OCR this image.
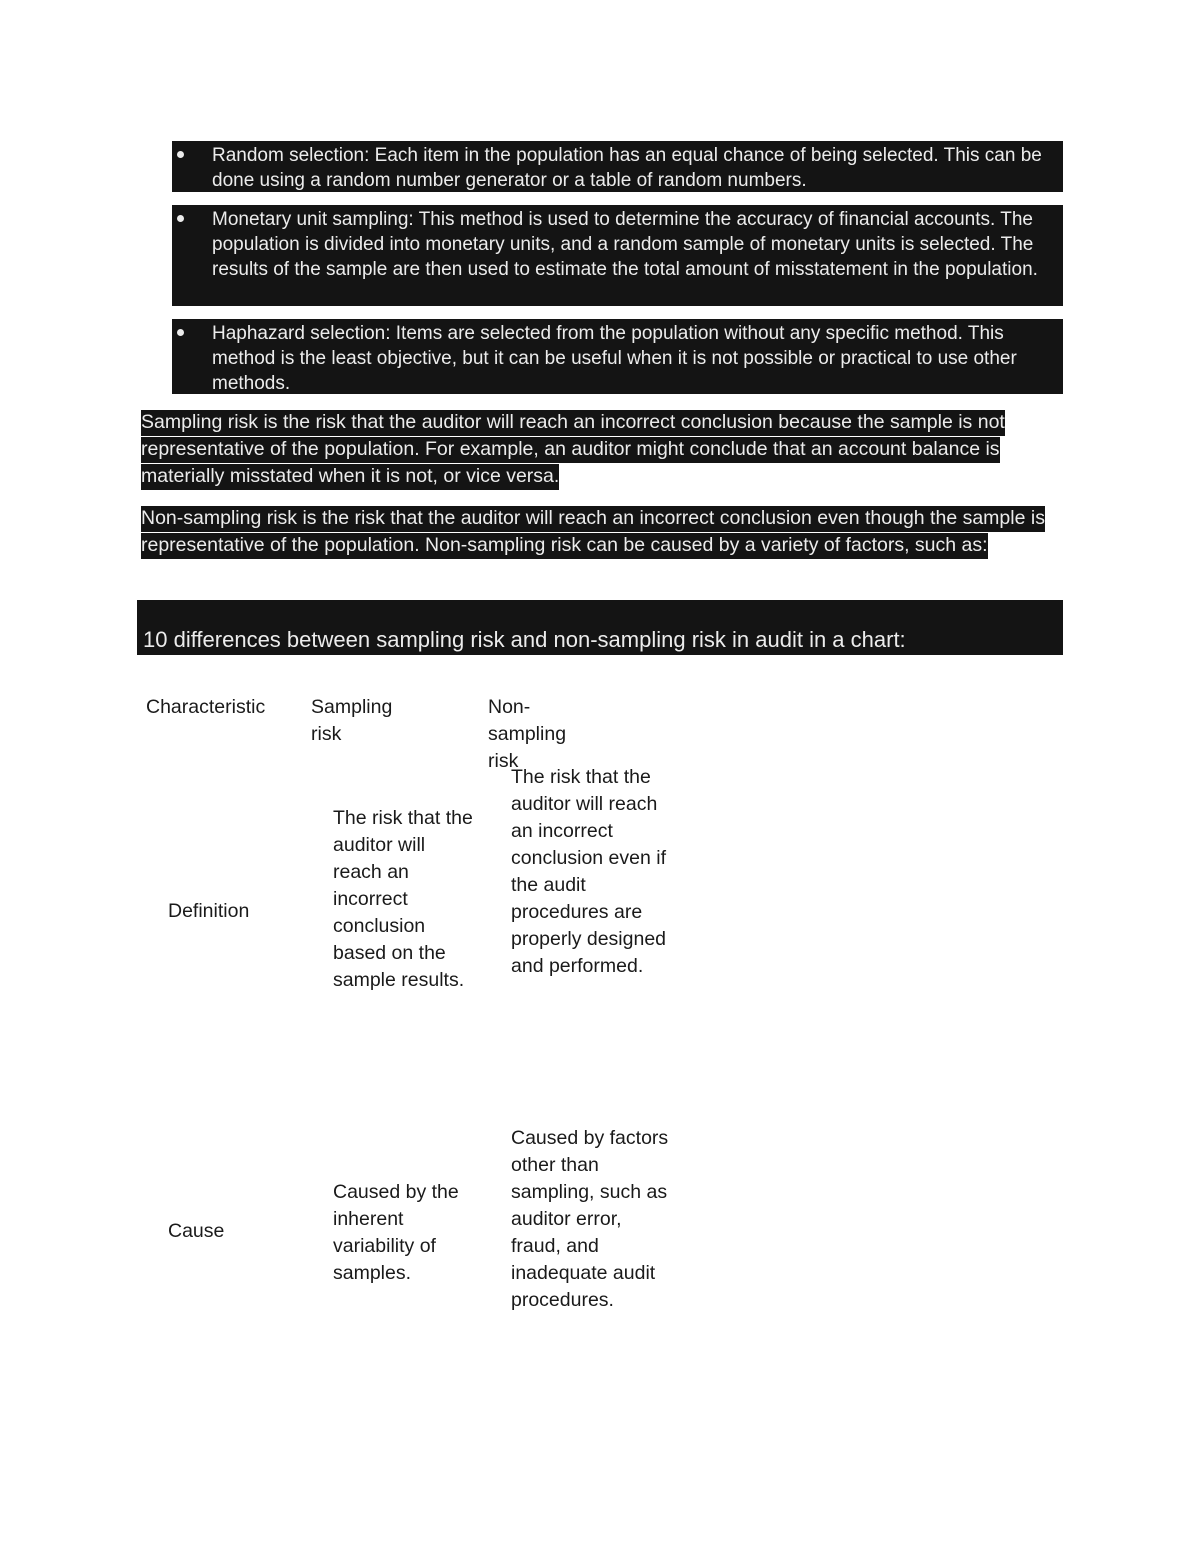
Random selection: Each item in the population has an equal chance of being selected. This can be done using a random number generator or a table of random numbers.
Monetary unit sampling: This method is used to determine the accuracy of financial accounts. The population is divided into monetary units, and a random sample of monetary units is selected. The results of the sample are then used to estimate the total amount of misstatement in the population.
Haphazard selection: Items are selected from the population without any specific method. This method is the least objective, but it can be useful when it is not possible or practical to use other methods.

Sampling risk is the risk that the auditor will reach an incorrect conclusion because the sample is not representative of the population. For example, an auditor might conclude that an account balance is materially misstated when it is not, or vice versa.

Non-sampling risk is the risk that the auditor will reach an incorrect conclusion even though the sample is representative of the population. Non-sampling risk can be caused by a variety of factors, such as:

10 differences between sampling risk and non-sampling risk in audit in a chart:
Characteristic Sampling risk
Non-sampling risk
Definition
The risk that the auditor will reach an incorrect conclusion based on the sample results.
The risk that the auditor will reach an incorrect conclusion even if the audit procedures are properly designed and performed.
Cause
Caused by the inherent variability of samples.
Caused by factors other than sampling, such as auditor error, fraud, and inadequate audit procedures.
